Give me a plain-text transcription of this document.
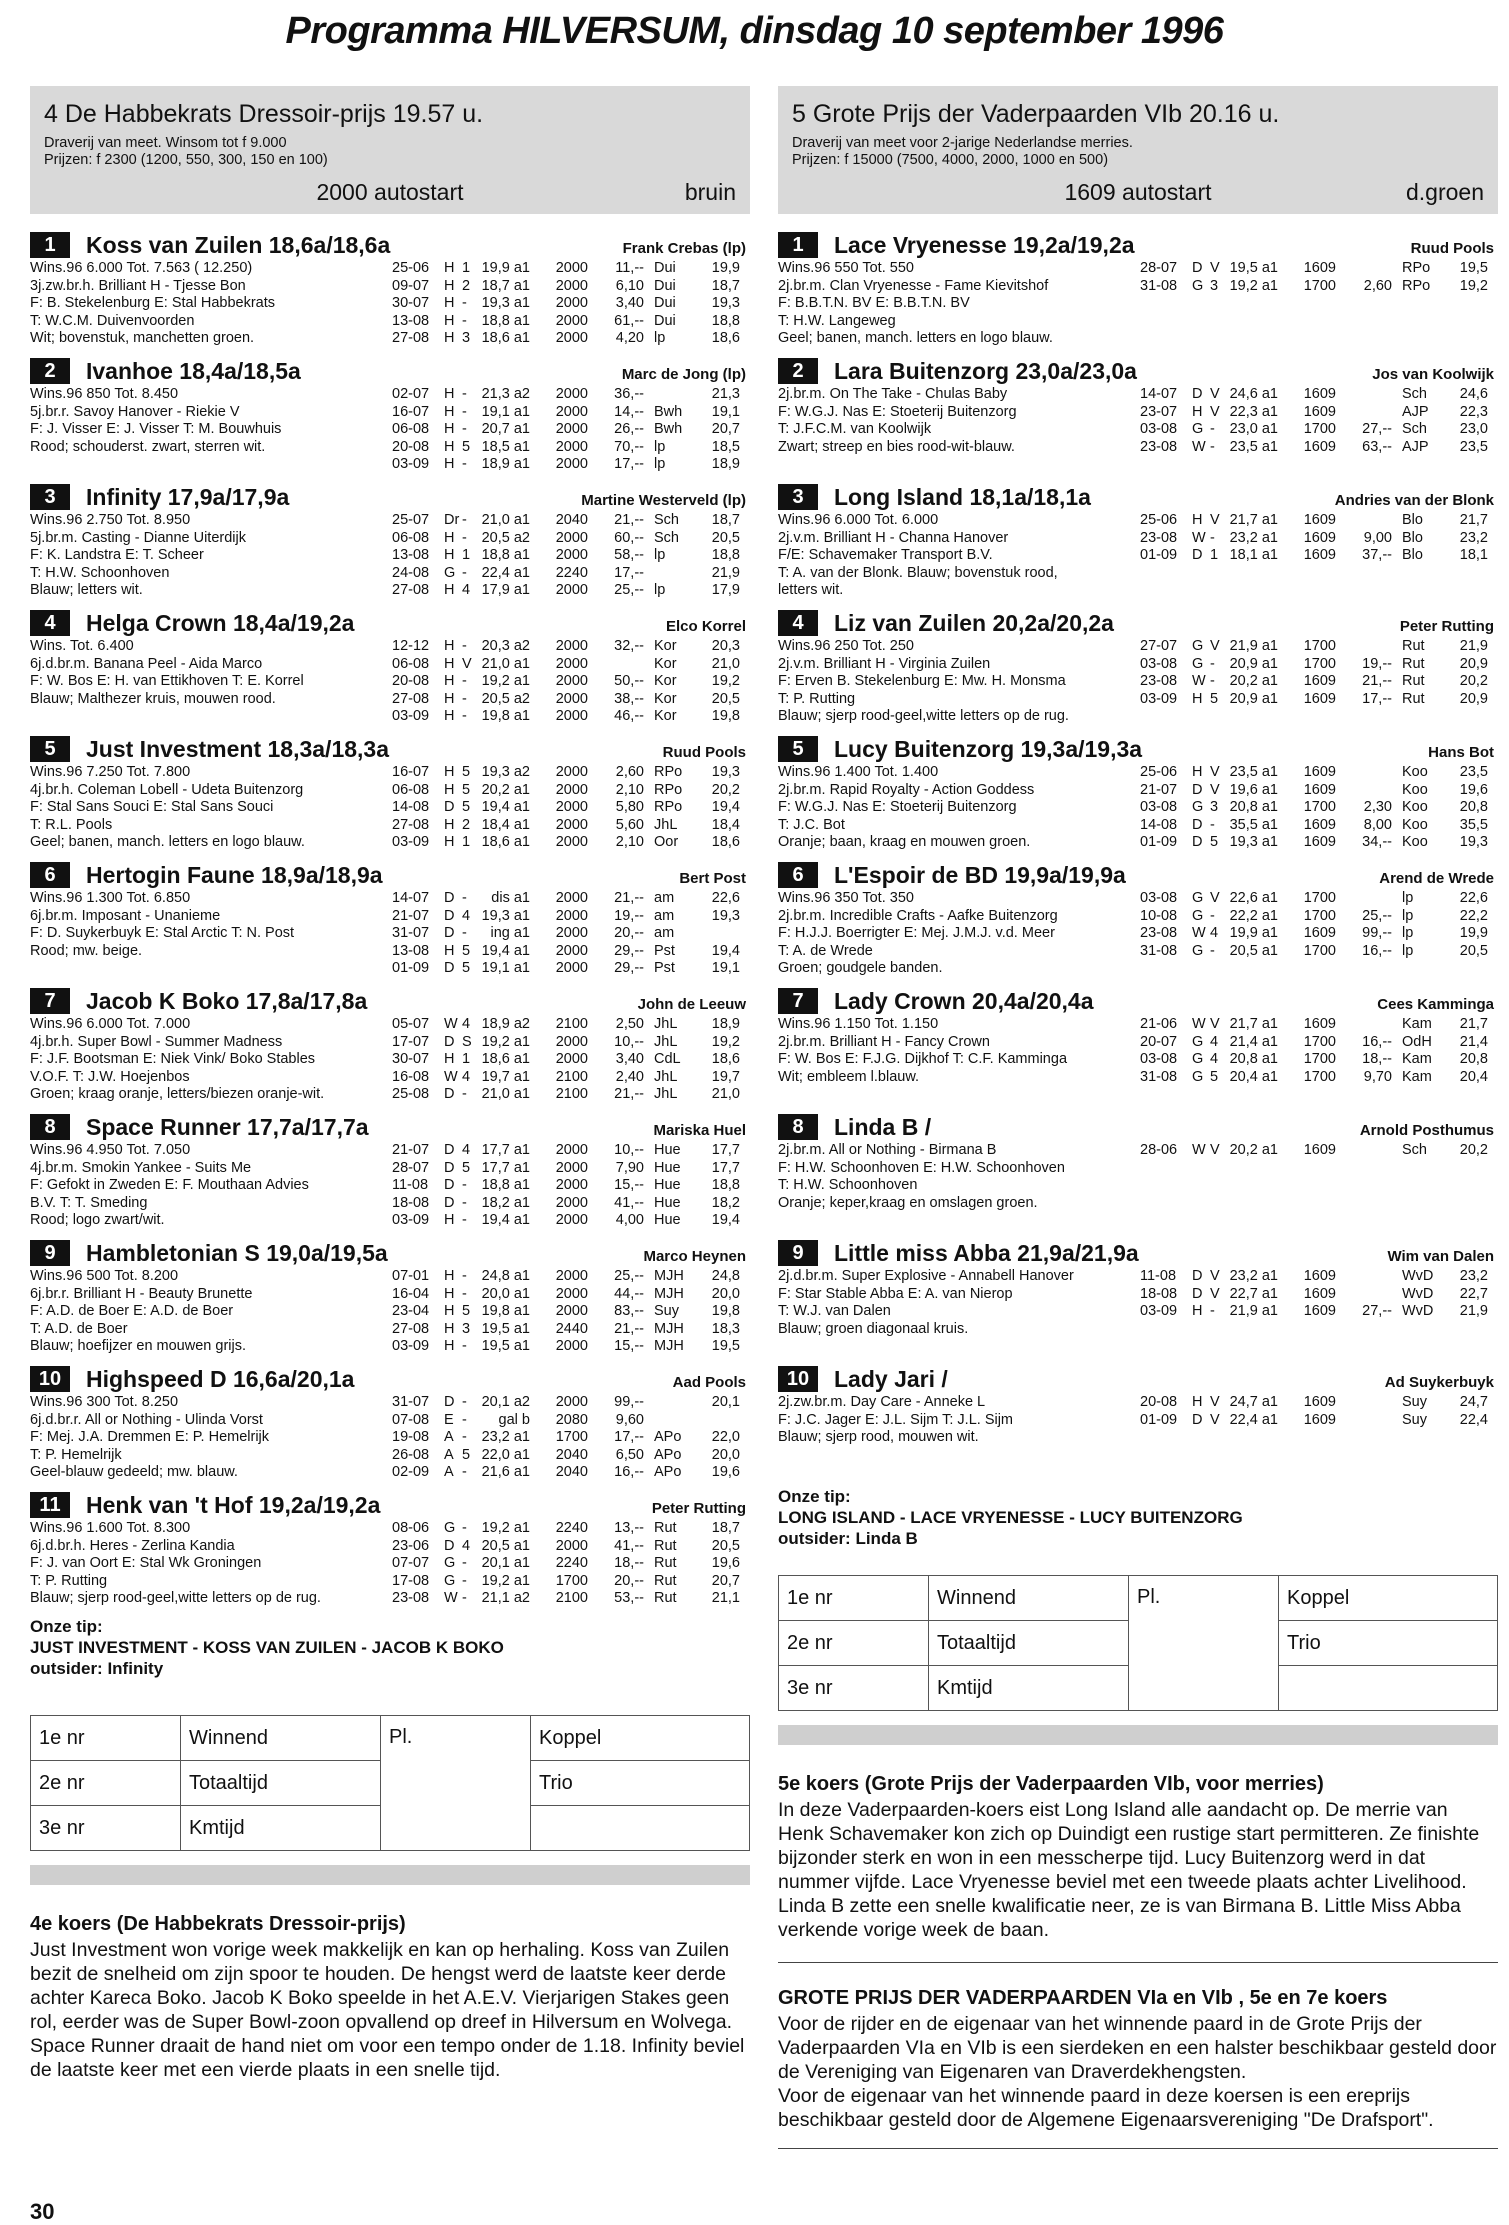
Programma HILVERSUM, dinsdag 10 september 1996
4 De Habbekrats Dressoir-prijs 19.57 u.
Draverij van meet. Winsom tot f 9.000
Prijzen: f 2300 (1200, 550, 300, 150 en 100)
2000 autostart	bruin
1	Koss van Zuilen 18,6a/18,6a	Frank Crebas (lp)
Wins.96 6.000 Tot. 7.563 ( 12.250)
3j.zw.br.h. Brilliant H - Tjesse Bon
F: B. Stekelenburg E: Stal Habbekrats
T: W.C.M. Duivenvoorden
Wit; bovenstuk, manchetten groen.
25-06	H 1 19,9 a1	2000	11,-- Dui	19,9
09-07	H 2 18,7 a1	2000	6,10 Dui	18,7
30-07	H -	19,3 a1	2000	3,40 Dui	19,3
13-08	H -	18,8 a1	2000	61,-- Dui	18,8
27-08	H 3 18,6 a1	2000	4,20 lp	18,6
2	Ivanhoe 18,4a/18,5a	Marc de Jong (lp)
Wins.96 850 Tot. 8.450
5j.br.r. Savoy Hanover - Riekie V
F: J. Visser E: J. Visser T: M. Bouwhuis
Rood; schouderst. zwart, sterren wit.
02-07	H -	21,3 a2	2000	36,--	21,3
16-07	H -	19,1 a1	2000	14,-- Bwh	19,1
06-08	H -	20,7 a1	2000	26,-- Bwh	20,7
20-08	H 5 18,5 a1	2000	70,-- lp	18,5
03-09	H -	18,9 a1	2000	17,-- lp	18,9
3	Infinity 17,9a/17,9a	Martine Westerveld (lp)
Wins.96 2.750 Tot. 8.950
5j.br.m. Casting - Dianne Uiterdijk
F: K. Landstra E: T. Scheer
T: H.W. Schoonhoven
Blauw; letters wit.
25-07	Dr -	21,0 a1	2040	21,-- Sch	18,7
06-08	H -	20,5 a2	2000	60,-- Sch	20,5
13-08	H 1 18,8 a1	2000	58,-- lp	18,8
24-08	G -	22,4 a1	2240	17,--	21,9
27-08	H 4 17,9 a1	2000	25,-- lp	17,9
4	Helga Crown 18,4a/19,2a	Elco Korrel
Wins. Tot. 6.400
6j.d.br.m. Banana Peel - Aida Marco
F: W. Bos E: H. van Ettikhoven T: E. Korrel
Blauw; Malthezer kruis, mouwen rood.
12-12	H -	20,3 a2	2000	32,-- Kor	20,3
06-08	H V 21,0 a1	2000	Kor	21,0
20-08	H -	19,2 a1	2000	50,-- Kor	19,2
27-08	H -	20,5 a2	2000	38,-- Kor	20,5
03-09	H -	19,8 a1	2000	46,-- Kor	19,8
5	Just Investment 18,3a/18,3a	Ruud Pools
Wins.96 7.250 Tot. 7.800
4j.br.h. Coleman Lobell - Udeta Buitenzorg
F: Stal Sans Souci E: Stal Sans Souci
T: R.L. Pools
Geel; banen, manch. letters en logo blauw.
16-07	H 5 19,3 a2	2000	2,60 RPo	19,3
06-08	H 5 20,2 a1	2000	2,10 RPo	20,2
14-08	D 5 19,4 a1	2000	5,80 RPo	19,4
27-08	H 2 18,4 a1	2000	5,60 JhL	18,4
03-09	H 1 18,6 a1	2000	2,10 Oor	18,6
6	Hertogin Faune 18,9a/18,9a	Bert Post
Wins.96 1.300 Tot. 6.850
6j.br.m. Imposant - Unanieme
F: D. Suykerbuyk E: Stal Arctic T: N. Post
Rood; mw. beige.
14-07	D -	dis a1	2000	21,-- am	22,6
21-07	D 4 19,3 a1	2000	19,-- am	19,3
31-07	D -	ing a1	2000	20,-- am
13-08	H 5 19,4 a1	2000	29,-- Pst	19,4
01-09	D 5 19,1 a1	2000	29,-- Pst	19,1
7	Jacob K Boko 17,8a/17,8a	John de Leeuw
Wins.96 6.000 Tot. 7.000
4j.br.h. Super Bowl - Summer Madness
F: J.F. Bootsman E: Niek Vink/ Boko Stables
V.O.F. T: J.W. Hoejenbos
Groen; kraag oranje, letters/biezen oranje-wit.
05-07	W 4 18,9 a2	2100	2,50 JhL	18,9
17-07	D S 19,2 a1	2000	10,-- JhL	19,2
30-07	H 1 18,6 a1	2000	3,40 CdL	18,6
16-08	W 4 19,7 a1	2100	2,40 JhL	19,7
25-08	D -	21,0 a1	2100	21,-- JhL	21,0
8	Space Runner 17,7a/17,7a	Mariska Huel
Wins.96 4.950 Tot. 7.050
4j.br.m. Smokin Yankee - Suits Me
F: Gefokt in Zweden E: F. Mouthaan Advies
B.V. T: T. Smeding
Rood; logo zwart/wit.
21-07	D 4 17,7 a1	2000	10,-- Hue	17,7
28-07	D 5 17,7 a1	2000	7,90 Hue	17,7
11-08	D -	18,8 a1	2000	15,-- Hue	18,8
18-08	D -	18,2 a1	2000	41,-- Hue	18,2
03-09	H -	19,4 a1	2000	4,00 Hue	19,4
9	Hambletonian S 19,0a/19,5a	Marco Heynen
Wins.96 500 Tot. 8.200
6j.br.r. Brilliant H - Beauty Brunette
F: A.D. de Boer E: A.D. de Boer
T: A.D. de Boer
Blauw; hoefijzer en mouwen grijs.
07-01	H -	24,8 a1	2000	25,-- MJH	24,8
16-04	H -	20,0 a1	2000	44,-- MJH	20,0
23-04	H 5 19,8 a1	2000	83,-- Suy	19,8
27-08	H 3 19,5 a1	2440	21,-- MJH	18,3
03-09	H -	19,5 a1	2000	15,-- MJH	19,5
10	Highspeed D 16,6a/20,1a	Aad Pools
Wins.96 300 Tot. 8.250
6j.d.br.r. All or Nothing - Ulinda Vorst
F: Mej. J.A. Dremmen E: P. Hemelrijk
T: P. Hemelrijk
Geel-blauw gedeeld; mw. blauw.
31-07	D -	20,1 a2	2000	99,--	20,1
07-08	E -	gal b	2080	9,60
19-08	A -	23,2 a1	1700	17,-- APo	22,0
26-08	A 5 22,0 a1	2040	6,50 APo	20,0
02-09	A -	21,6 a1	2040	16,-- APo	19,6
11	Henk van 't Hof 19,2a/19,2a	Peter Rutting
Wins.96 1.600 Tot. 8.300
6j.d.br.h. Heres - Zerlina Kandia
F: J. van Oort E: Stal Wk Groningen
T: P. Rutting
Blauw; sjerp rood-geel,witte letters op de rug.
08-06	G -	19,2 a1	2240	13,-- Rut	18,7
23-06	D 4 20,5 a1	2000	41,-- Rut	20,5
07-07	G -	20,1 a1	2240	18,-- Rut	19,6
17-08	G -	19,2 a1	1700	20,-- Rut	20,7
23-08	W -	21,1 a2	2100	53,-- Rut	21,1
Onze tip:
JUST INVESTMENT - KOSS VAN ZUILEN - JACOB K BOKO
outsider: Infinity
1e nr	Winnend	Pl.	Koppel
2e nr	Totaaltijd		Trio
3e nr	Kmtijd		
4e koers (De Habbekrats Dressoir-prijs)

Just Investment won vorige week makkelijk en kan op herhaling. Koss van Zuilen bezit de snelheid om zijn spoor te houden. De hengst werd de laatste keer derde achter Kareca Boko. Jacob K Boko speelde in het A.E.V. Vierjarigen Stakes geen rol, eerder was de Super Bowl-zoon opvallend op dreef in Hilversum en Wolvega. Space Runner draait de hand niet om voor een tempo onder de 1.18. Infinity beviel de laatste keer met een vierde plaats in een snelle tijd.

5 Grote Prijs der Vaderpaarden VIb 20.16 u.
Draverij van meet voor 2-jarige Nederlandse merries.
Prijzen: f 15000 (7500, 4000, 2000, 1000 en 500)
1609 autostart	d.groen
1	Lace Vryenesse 19,2a/19,2a	Ruud Pools
Wins.96 550 Tot. 550
2j.br.m. Clan Vryenesse - Fame Kievitshof
F: B.B.T.N. BV E: B.B.T.N. BV
T: H.W. Langeweg
Geel; banen, manch. letters en logo blauw.
28-07	D V 19,5 a1	1609	RPo	19,5
31-08	G 3 19,2 a1	1700	2,60 RPo	19,2
2	Lara Buitenzorg 23,0a/23,0a	Jos van Koolwijk
2j.br.m. On The Take - Chulas Baby
F: W.G.J. Nas E: Stoeterij Buitenzorg
T: J.F.C.M. van Koolwijk
Zwart; streep en bies rood-wit-blauw.
14-07	D V 24,6 a1	1609	Sch	24,6
23-07	H V 22,3 a1	1609	AJP	22,3
03-08	G -	23,0 a1	1700	27,-- Sch	23,0
23-08	W -	23,5 a1	1609	63,-- AJP	23,5
3	Long Island 18,1a/18,1a	Andries van der Blonk
Wins.96 6.000 Tot. 6.000
2j.v.m. Brilliant H - Channa Hanover
F/E: Schavemaker Transport B.V.
T: A. van der Blonk. Blauw; bovenstuk rood,
letters wit.
25-06	H V 21,7 a1	1609	Blo	21,7
23-08	W -	23,2 a1	1609	9,00 Blo	23,2
01-09	D 1 18,1 a1	1609	37,-- Blo	18,1
4	Liz van Zuilen 20,2a/20,2a	Peter Rutting
Wins.96 250 Tot. 250
2j.v.m. Brilliant H - Virginia Zuilen
F: Erven B. Stekelenburg E: Mw. H. Monsma
T: P. Rutting
Blauw; sjerp rood-geel,witte letters op de rug.
27-07	G V 21,9 a1	1700	Rut	21,9
03-08	G -	20,9 a1	1700	19,-- Rut	20,9
23-08	W -	20,2 a1	1609	21,-- Rut	20,2
03-09	H 5 20,9 a1	1609	17,-- Rut	20,9
5	Lucy Buitenzorg 19,3a/19,3a	Hans Bot
Wins.96 1.400 Tot. 1.400
2j.br.m. Rapid Royalty - Action Goddess
F: W.G.J. Nas E: Stoeterij Buitenzorg
T: J.C. Bot
Oranje; baan, kraag en mouwen groen.
25-06	H V 23,5 a1	1609	Koo	23,5
21-07	D V 19,6 a1	1609	Koo	19,6
03-08	G 3 20,8 a1	1700	2,30 Koo	20,8
14-08	D -	35,5 a1	1609	8,00 Koo	35,5
01-09	D 5 19,3 a1	1609	34,-- Koo	19,3
6	L'Espoir de BD 19,9a/19,9a	Arend de Wrede
Wins.96 350 Tot. 350
2j.br.m. Incredible Crafts - Aafke Buitenzorg
F: H.J.J. Boerrigter E: Mej. J.M.J. v.d. Meer
T: A. de Wrede
Groen; goudgele banden.
03-08	G V 22,6 a1	1700	lp	22,6
10-08	G -	22,2 a1	1700	25,-- lp	22,2
23-08	W 4 19,9 a1	1609	99,-- lp	19,9
31-08	G -	20,5 a1	1700	16,-- lp	20,5
7	Lady Crown 20,4a/20,4a	Cees Kamminga
Wins.96 1.150 Tot. 1.150
2j.br.m. Brilliant H - Fancy Crown
F: W. Bos E: F.J.G. Dijkhof T: C.F. Kamminga
Wit; embleem l.blauw.
21-06	W V 21,7 a1	1609	Kam	21,7
20-07	G 4 21,4 a1	1700	16,-- OdH	21,4
03-08	G 4 20,8 a1	1700	18,-- Kam	20,8
31-08	G 5 20,4 a1	1700	9,70 Kam	20,4
8	Linda B /	Arnold Posthumus
2j.br.m. All or Nothing - Birmana B
F: H.W. Schoonhoven E: H.W. Schoonhoven
T: H.W. Schoonhoven
Oranje; keper,kraag en omslagen groen.
28-06	W V 20,2 a1	1609	Sch	20,2
9	Little miss Abba 21,9a/21,9a	Wim van Dalen
2j.d.br.m. Super Explosive - Annabell Hanover
F: Star Stable Abba E: A. van Nierop
T: W.J. van Dalen
Blauw; groen diagonaal kruis.
11-08	D V 23,2 a1	1609	WvD	23,2
18-08	D V 22,7 a1	1609	WvD	22,7
03-09	H -	21,9 a1	1609	27,-- WvD	21,9
10	Lady Jari /	Ad Suykerbuyk
2j.zw.br.m. Day Care - Anneke L
F: J.C. Jager E: J.L. Sijm T: J.L. Sijm
Blauw; sjerp rood, mouwen wit.
20-08	H V 24,7 a1	1609	Suy	24,7
01-09	D V 22,4 a1	1609	Suy	22,4
Onze tip:
LONG ISLAND - LACE VRYENESSE - LUCY BUITENZORG
outsider: Linda B
1e nr	Winnend	Pl.	Koppel
2e nr	Totaaltijd		Trio
3e nr	Kmtijd		
5e koers (Grote Prijs der Vaderpaarden VIb, voor merries)

In deze Vaderpaarden-koers eist Long Island alle aandacht op. De merrie van Henk Schavemaker kon zich op Duindigt een rustige start permitteren. Ze finishte bijzonder sterk en won in een messcherpe tijd. Lucy Buitenzorg werd in dat nummer vijfde. Lace Vryenesse beviel met een tweede plaats achter Livelihood. Linda B zette een snelle kwalificatie neer, ze is van Birmana B. Little Miss Abba verkende vorige week de baan.

GROTE PRIJS DER VADERPAARDEN VIa en VIb , 5e en 7e koers

Voor de rijder en de eigenaar van het winnende paard in de Grote Prijs der Vaderpaarden VIa en VIb is een sierdeken en een halster beschikbaar gesteld door de Vereniging van Eigenaren van Draverdekhengsten.

Voor de eigenaar van het winnende paard in deze koersen is een ereprijs beschikbaar gesteld door de Algemene Eigenaarsvereniging "De Drafsport".

30
